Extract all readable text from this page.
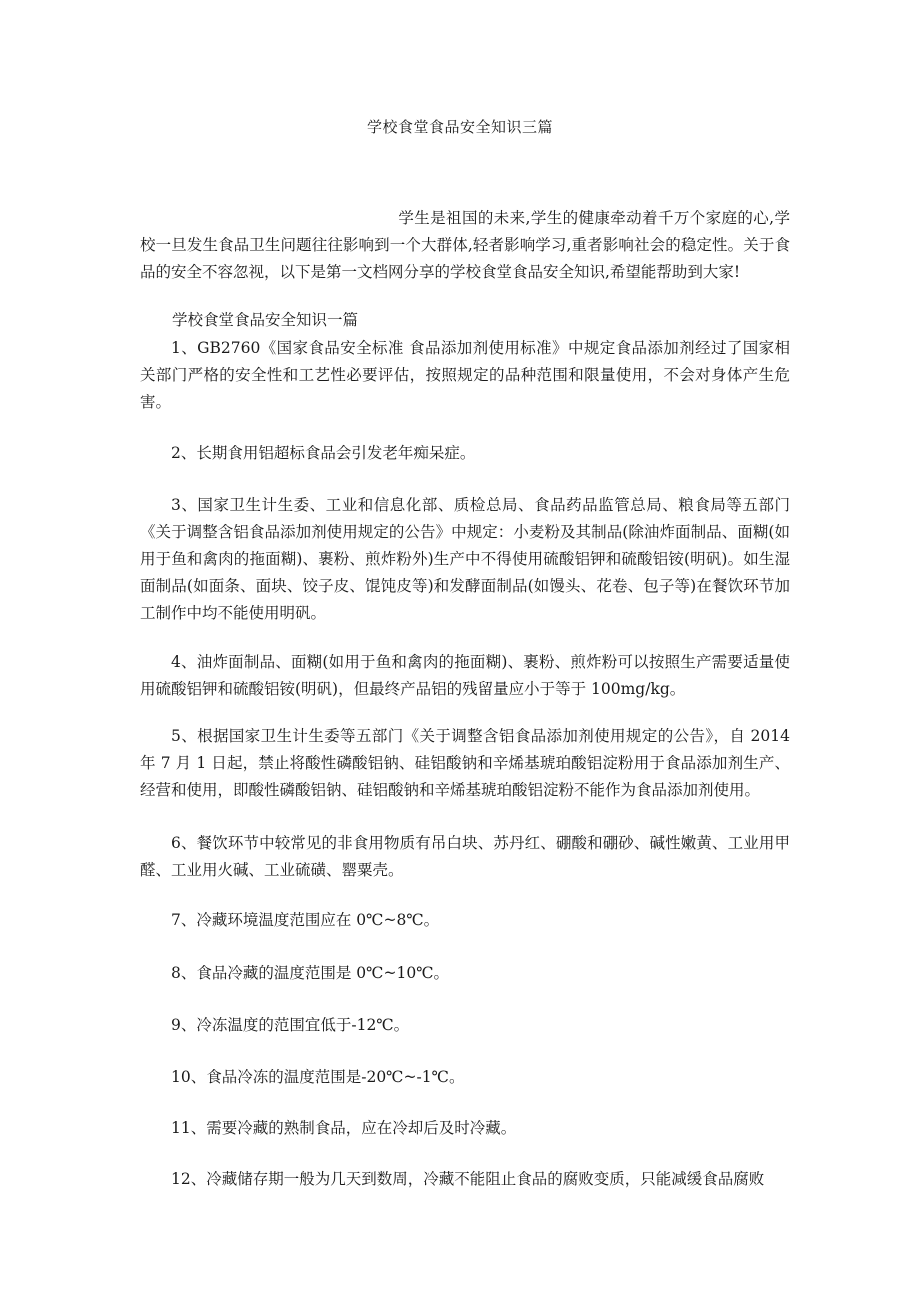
学校食堂食品安全知识三篇
学生是祖国的未来,学生的健康牵动着千万个家庭的心,学校一旦发生食品卫生问题往往影响到一个大群体,轻者影响学习,重者影响社会的稳定性。关于食品的安全不容忽视，以下是第一文档网分享的学校食堂食品安全知识,希望能帮助到大家!
学校食堂食品安全知识一篇
1、GB2760《国家食品安全标准 食品添加剂使用标准》中规定食品添加剂经过了国家相关部门严格的安全性和工艺性必要评估，按照规定的品种范围和限量使用，不会对身体产生危害。
2、长期食用铝超标食品会引发老年痴呆症。
3、国家卫生计生委、工业和信息化部、质检总局、食品药品监管总局、粮食局等五部门《关于调整含铝食品添加剂使用规定的公告》中规定：小麦粉及其制品(除油炸面制品、面糊(如用于鱼和禽肉的拖面糊)、裹粉、煎炸粉外)生产中不得使用硫酸铝钾和硫酸铝铵(明矾)。如生湿面制品(如面条、面块、饺子皮、馄饨皮等)和发酵面制品(如馒头、花卷、包子等)在餐饮环节加工制作中均不能使用明矾。
4、油炸面制品、面糊(如用于鱼和禽肉的拖面糊)、裹粉、煎炸粉可以按照生产需要适量使用硫酸铝钾和硫酸铝铵(明矾)，但最终产品铝的残留量应小于等于 100mg/kg。
5、根据国家卫生计生委等五部门《关于调整含铝食品添加剂使用规定的公告》，自 2014年 7 月 1 日起，禁止将酸性磷酸铝钠、硅铝酸钠和辛烯基琥珀酸铝淀粉用于食品添加剂生产、经营和使用，即酸性磷酸铝钠、硅铝酸钠和辛烯基琥珀酸铝淀粉不能作为食品添加剂使用。
6、餐饮环节中较常见的非食用物质有吊白块、苏丹红、硼酸和硼砂、碱性嫩黄、工业用甲醛、工业用火碱、工业硫磺、罂粟壳。
7、冷藏环境温度范围应在 0℃~8℃。
8、食品冷藏的温度范围是 0℃~10℃。
9、冷冻温度的范围宜低于-12℃。
10、食品冷冻的温度范围是-20℃~-1℃。
11、需要冷藏的熟制食品，应在冷却后及时冷藏。
12、冷藏储存期一般为几天到数周，冷藏不能阻止食品的腐败变质，只能减缓食品腐败
